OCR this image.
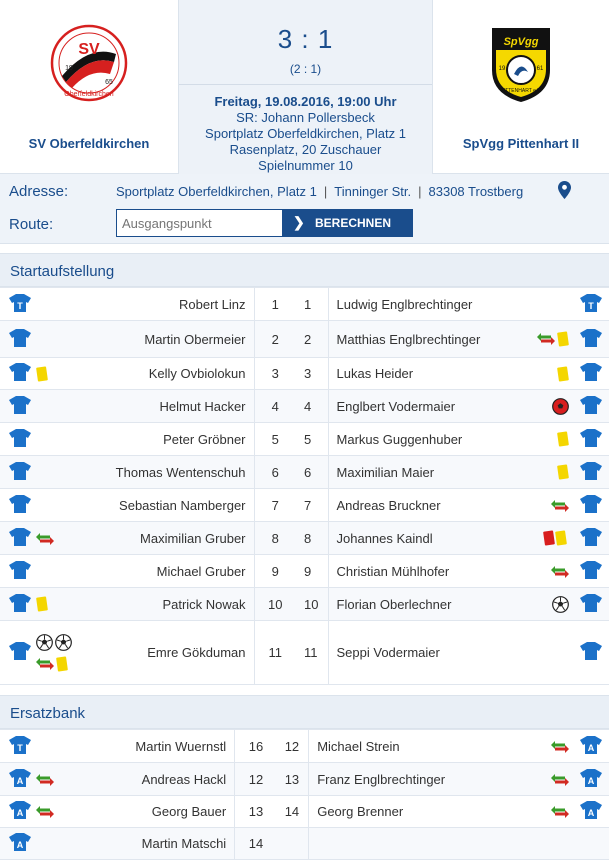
SV
19
65
Oberfeldkirchen
SV Oberfeldkirchen
3 : 1
(2 : 1)
Freitag, 19.08.2016, 19:00 Uhr
SR: Johann Pollersbeck
Sportplatz Oberfeldkirchen, Platz 1
Rasenplatz, 20 Zuschauer
Spielnummer 10
SpVgg
19	61
PITTENHART e.V.
SpVgg Pittenhart II
Adresse:	Sportplatz Oberfeldkirchen, Platz 1 | Tinninger Str. | 83308 Trostberg
Route:
Ausgangspunkt	❯ BERECHNEN
Startaufstellung
T		Robert Linz	1	1	Ludwig Englbrechtinger		T

		Martin Obermeier	2	2	Matthias Englbrechtinger	

	Kelly Ovbiolokun	3	3	Lukas Heider	

		Helmut Hacker	4	4	Englbert Vodermaier	

		Peter Gröbner	5	5	Markus Guggenhuber	

		Thomas Wentenschuh	6	6	Maximilian Maier	

		Sebastian Namberger	7	7	Andreas Bruckner	

	Maximilian Gruber	8	8	Johannes Kaindl	

		Michael Gruber	9	9	Christian Mühlhofer	

	Patrick Nowak	10	10	Florian Oberlechner	

	Emre Gökduman	11	11	Seppi Vodermaier		
Ersatzbank
T		Martin Wuernstl	16	12	Michael Strein		A

A		Andreas Hackl	12	13	Franz Englbrechtinger		A

A		Georg Bauer	13	14	Georg Brenner		A

A		Martin Matschi	14				
